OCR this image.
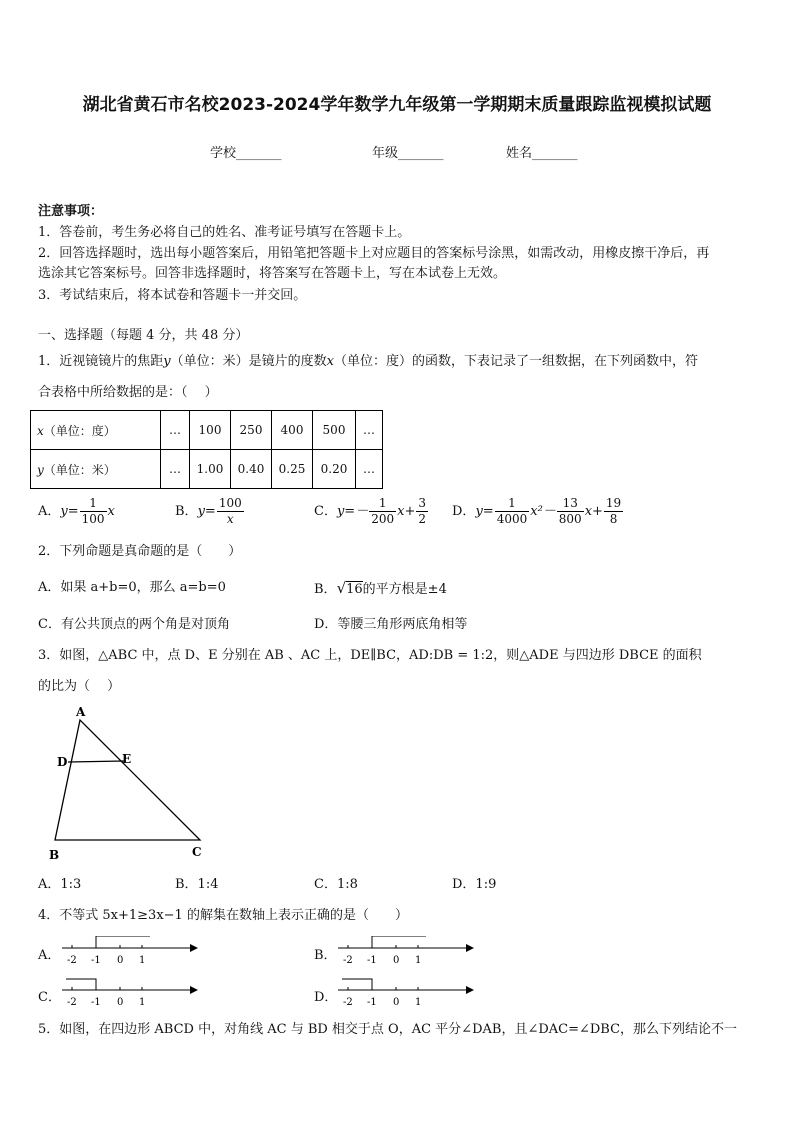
湖北省黄石市名校2023-2024学年数学九年级第一学期期末质量跟踪监视模拟试题
学校_______	年级_______	姓名_______
注意事项：
1．答卷前，考生务必将自己的姓名、准考证号填写在答题卡上。
2．回答选择题时，选出每小题答案后，用铅笔把答题卡上对应题目的答案标号涂黑，如需改动，用橡皮擦干净后，再
选涂其它答案标号。回答非选择题时，将答案写在答题卡上，写在本试卷上无效。
3．考试结束后，将本试卷和答题卡一并交回。
一、选择题（每题 4 分，共 48 分）
1．近视镜镜片的焦距y（单位：米）是镜片的度数x（单位：度）的函数，下表记录了一组数据，在下列函数中，符
合表格中所给数据的是：（　 ）
x（单位：度）	…	100	250	400	500	…
y（单位：米）	…	1.00	0.40	0.25	0.20	…
A．$y= \frac{1}{100}$ x	B．$y= \frac{100}{x}$	C．$y=- \frac{1}{200} x+ \frac{3}{2}$ D．$y= \frac{1}{4000} x^2- \frac{13}{800} x+ \frac{19}{8}$
2．下列命题是真命题的是（　　）
A．如果 a+b=0，那么 a=b=0	B．√16的平方根是±4
C．有公共顶点的两个角是对顶角	D．等腰三角形两底角相等
3．如图，△ABC 中，点 D、E 分别在 AB 、AC 上，DE∥BC，AD:DB = 1:2，则△ADE 与四边形 DBCE 的面积
的比为（　 ）
A
D	E
B	C
A．1:3	B．1:4	C．1:8	D．1:9
4．不等式 5x+1≥3x−1 的解集在数轴上表示正确的是（　　）
A． -2 -1 0 1	B． -2 -1 0 1
C． -2 -1 0 1	D． -2 -1 0 1
5．如图，在四边形 ABCD 中，对角线 AC 与 BD 相交于点 O，AC 平分∠DAB，且∠DAC=∠DBC，那么下列结论不一
